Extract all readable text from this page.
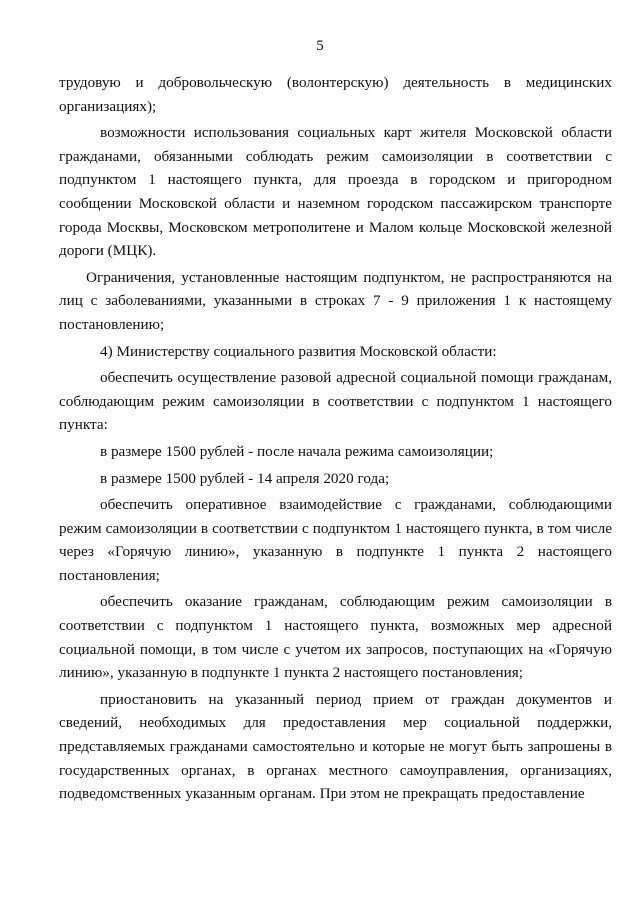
5

трудовую и добровольческую (волонтерскую) деятельность в медицинских организациях);

возможности использования социальных карт жителя Московской области гражданами, обязанными соблюдать режим самоизоляции в соответствии с подпунктом 1 настоящего пункта, для проезда в городском и пригородном сообщении Московской области и наземном городском пассажирском транспорте города Москвы, Московском метрополитене и Малом кольце Московской железной дороги (МЦК).

Ограничения, установленные настоящим подпунктом, не распространяются на лиц с заболеваниями, указанными в строках 7 - 9 приложения 1 к настоящему постановлению;

4) Министерству социального развития Московской области:

обеспечить осуществление разовой адресной социальной помощи гражданам, соблюдающим режим самоизоляции в соответствии с подпунктом 1 настоящего пункта:

в размере 1500 рублей - после начала режима самоизоляции;

в размере 1500 рублей - 14 апреля 2020 года;

обеспечить оперативное взаимодействие с гражданами, соблюдающими режим самоизоляции в соответствии с подпунктом 1 настоящего пункта, в том числе через «Горячую линию», указанную в подпункте 1 пункта 2 настоящего постановления;

обеспечить оказание гражданам, соблюдающим режим самоизоляции в соответствии с подпунктом 1 настоящего пункта, возможных мер адресной социальной помощи, в том числе с учетом их запросов, поступающих на «Горячую линию», указанную в подпункте 1 пункта 2 настоящего постановления;

приостановить на указанный период прием от граждан документов и сведений, необходимых для предоставления мер социальной поддержки, представляемых гражданами самостоятельно и которые не могут быть запрошены в государственных органах, в органах местного самоуправления, организациях, подведомственных указанным органам. При этом не прекращать предоставление
